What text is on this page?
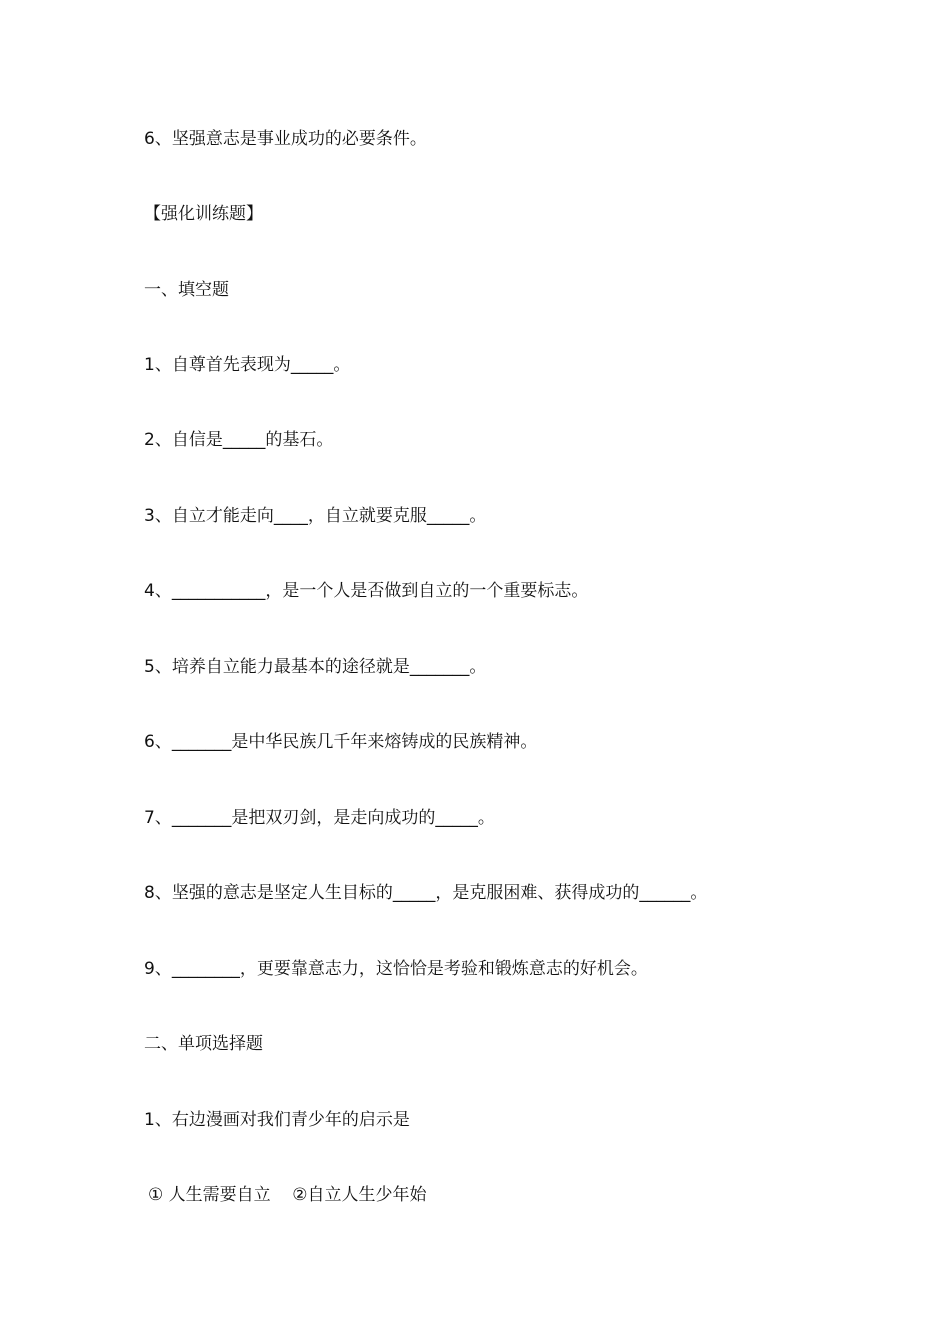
6、坚强意志是事业成功的必要条件。
【强化训练题】
一、填空题
1、自尊首先表现为_____。
2、自信是_____的基石。
3、自立才能走向____，自立就要克服_____。
4、___________，是一个人是否做到自立的一个重要标志。
5、培养自立能力最基本的途径就是_______。
6、_______是中华民族几千年来熔铸成的民族精神。
7、_______是把双刃剑，是走向成功的_____。
8、坚强的意志是坚定人生目标的_____，是克服困难、获得成功的______。
9、________，更要靠意志力，这恰恰是考验和锻炼意志的好机会。
二、单项选择题
1、右边漫画对我们青少年的启示是
① 人生需要自立    ②自立人生少年始
